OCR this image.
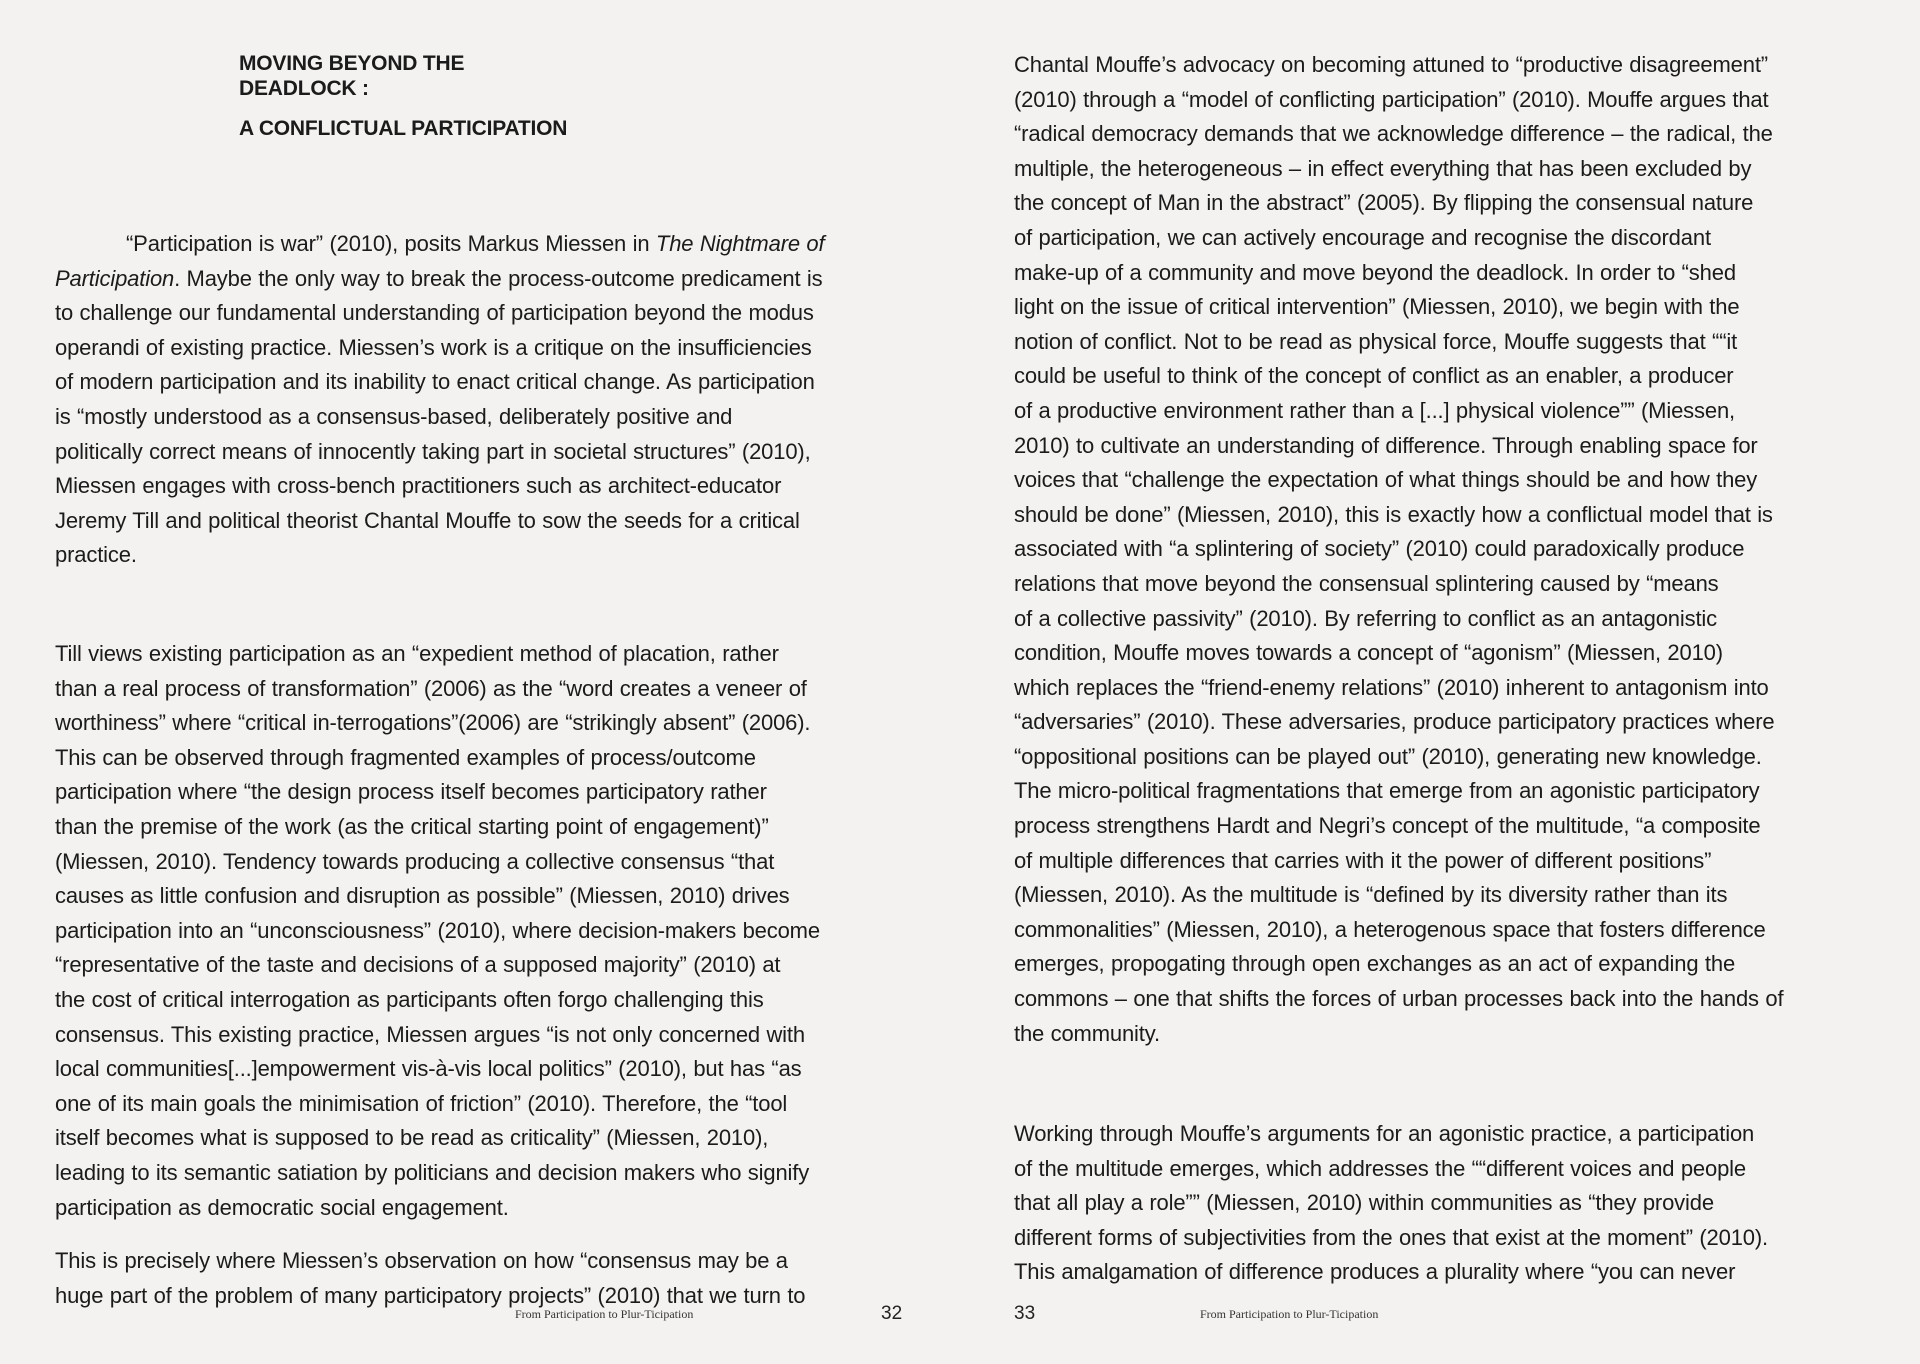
MOVING BEYOND THE
DEADLOCK :
A CONFLICTUAL PARTICIPATION

“Participation is war” (2010), posits Markus Miessen in The Nightmare of

Participation. Maybe the only way to break the process-outcome predicament is

to challenge our fundamental understanding of participation beyond the modus

operandi of existing practice. Miessen’s work is a critique on the insufficiencies

of modern participation and its inability to enact critical change. As participation

is “mostly understood as a consensus-based, deliberately positive and

politically correct means of innocently taking part in societal structures” (2010),

Miessen engages with cross-bench practitioners such as architect-educator

Jeremy Till and political theorist Chantal Mouffe to sow the seeds for a critical

practice.

Till views existing participation as an “expedient method of placation, rather

than a real process of transformation” (2006) as the “word creates a veneer of

worthiness” where “critical in-terrogations”(2006) are “strikingly absent” (2006).

This can be observed through fragmented examples of process/outcome

participation where “the design process itself becomes participatory rather

than the premise of the work (as the critical starting point of engagement)”

(Miessen, 2010). Tendency towards producing a collective consensus “that

causes as little confusion and disruption as possible” (Miessen, 2010) drives

participation into an “unconsciousness” (2010), where decision-makers become

“representative of the taste and decisions of a supposed majority” (2010) at

the cost of critical interrogation as participants often forgo challenging this

consensus. This existing practice, Miessen argues “is not only concerned with

local communities[...]empowerment vis-à-vis local politics” (2010), but has “as

one of its main goals the minimisation of friction” (2010). Therefore, the “tool

itself becomes what is supposed to be read as criticality” (Miessen, 2010),

leading to its semantic satiation by politicians and decision makers who signify

participation as democratic social engagement.

This is precisely where Miessen’s observation on how “consensus may be a

huge part of the problem of many participatory projects” (2010) that we turn to

From Participation to Plur-Ticipation	32

Chantal Mouffe’s advocacy on becoming attuned to “productive disagreement”

(2010) through a “model of conflicting participation” (2010). Mouffe argues that

“radical democracy demands that we acknowledge difference – the radical, the

multiple, the heterogeneous – in effect everything that has been excluded by

the concept of Man in the abstract” (2005). By flipping the consensual nature

of participation, we can actively encourage and recognise the discordant

make-up of a community and move beyond the deadlock. In order to “shed

light on the issue of critical intervention” (Miessen, 2010), we begin with the

notion of conflict. Not to be read as physical force, Mouffe suggests that ““it

could be useful to think of the concept of conflict as an enabler, a producer

of a productive environment rather than a [...] physical violence”” (Miessen,

2010) to cultivate an understanding of difference. Through enabling space for

voices that “challenge the expectation of what things should be and how they

should be done” (Miessen, 2010), this is exactly how a conflictual model that is

associated with “a splintering of society” (2010) could paradoxically produce

relations that move beyond the consensual splintering caused by “means

of a collective passivity” (2010). By referring to conflict as an antagonistic

condition, Mouffe moves towards a concept of “agonism” (Miessen, 2010)

which replaces the “friend-enemy relations” (2010) inherent to antagonism into

“adversaries” (2010). These adversaries, produce participatory practices where

“oppositional positions can be played out” (2010), generating new knowledge.

The micro-political fragmentations that emerge from an agonistic participatory

process strengthens Hardt and Negri’s concept of the multitude, “a composite

of multiple differences that carries with it the power of different positions”

(Miessen, 2010). As the multitude is “defined by its diversity rather than its

commonalities” (Miessen, 2010), a heterogenous space that fosters difference

emerges, propogating through open exchanges as an act of expanding the

commons – one that shifts the forces of urban processes back into the hands of

the community.

Working through Mouffe’s arguments for an agonistic practice, a participation

of the multitude emerges, which addresses the ““different voices and people

that all play a role”” (Miessen, 2010) within communities as “they provide

different forms of subjectivities from the ones that exist at the moment” (2010).

This amalgamation of difference produces a plurality where “you can never

33	From Participation to Plur-Ticipation
